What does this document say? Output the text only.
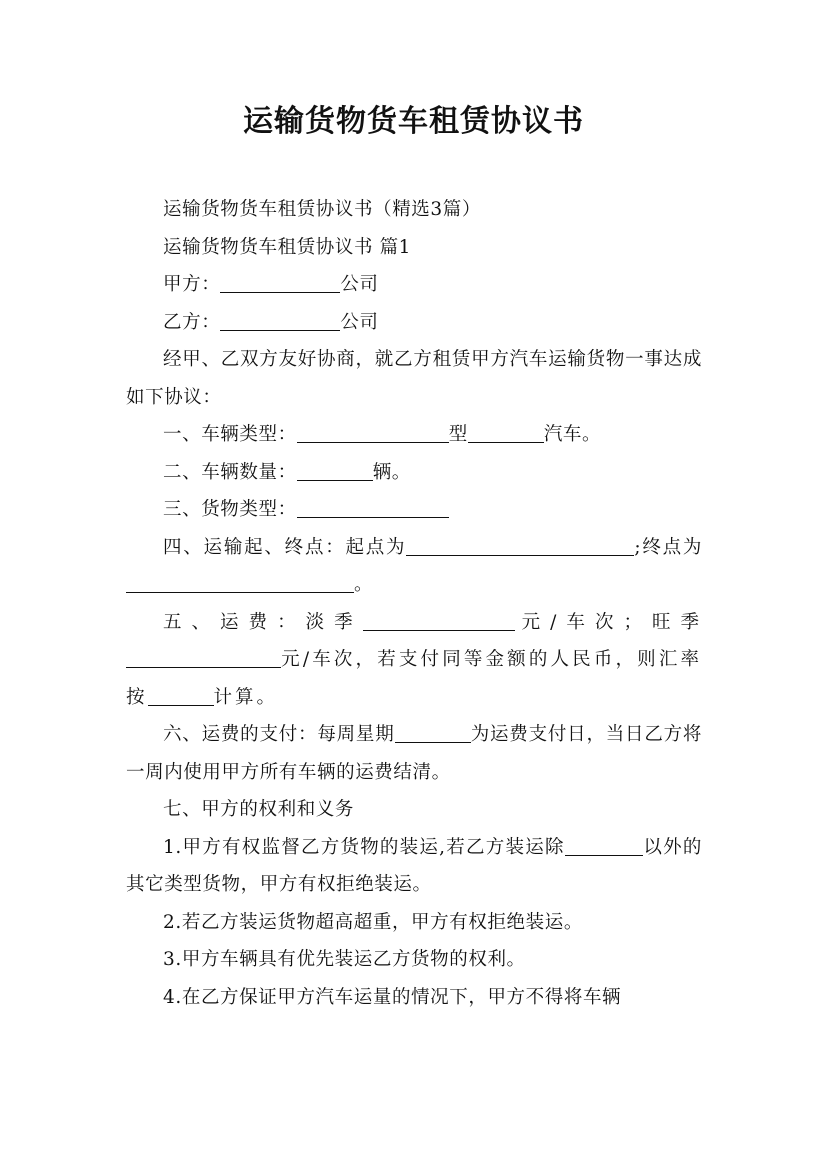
运输货物货车租赁协议书

运输货物货车租赁协议书（精选3篇）

运输货物货车租赁协议书 篇1

甲方：	公司

乙方：	公司

经甲、乙双方友好协商，就乙方租赁甲方汽车运输货物一事达成如下协议：

一、车辆类型：	型	汽车。

二、车辆数量：	辆。

三、货物类型：

四、运输起、终点：起点为	;终点为。

五、运费：淡季	元/车次；旺季元/车次，若支付同等金额的人民币，则汇率按	计算。

六、运费的支付：每周星期	为运费支付日，当日乙方将一周内使用甲方所有车辆的运费结清。

七、甲方的权利和义务

1.甲方有权监督乙方货物的装运,若乙方装运除	以外的其它类型货物，甲方有权拒绝装运。

2.若乙方装运货物超高超重，甲方有权拒绝装运。

3.甲方车辆具有优先装运乙方货物的权利。

4.在乙方保证甲方汽车运量的情况下，甲方不得将车辆
